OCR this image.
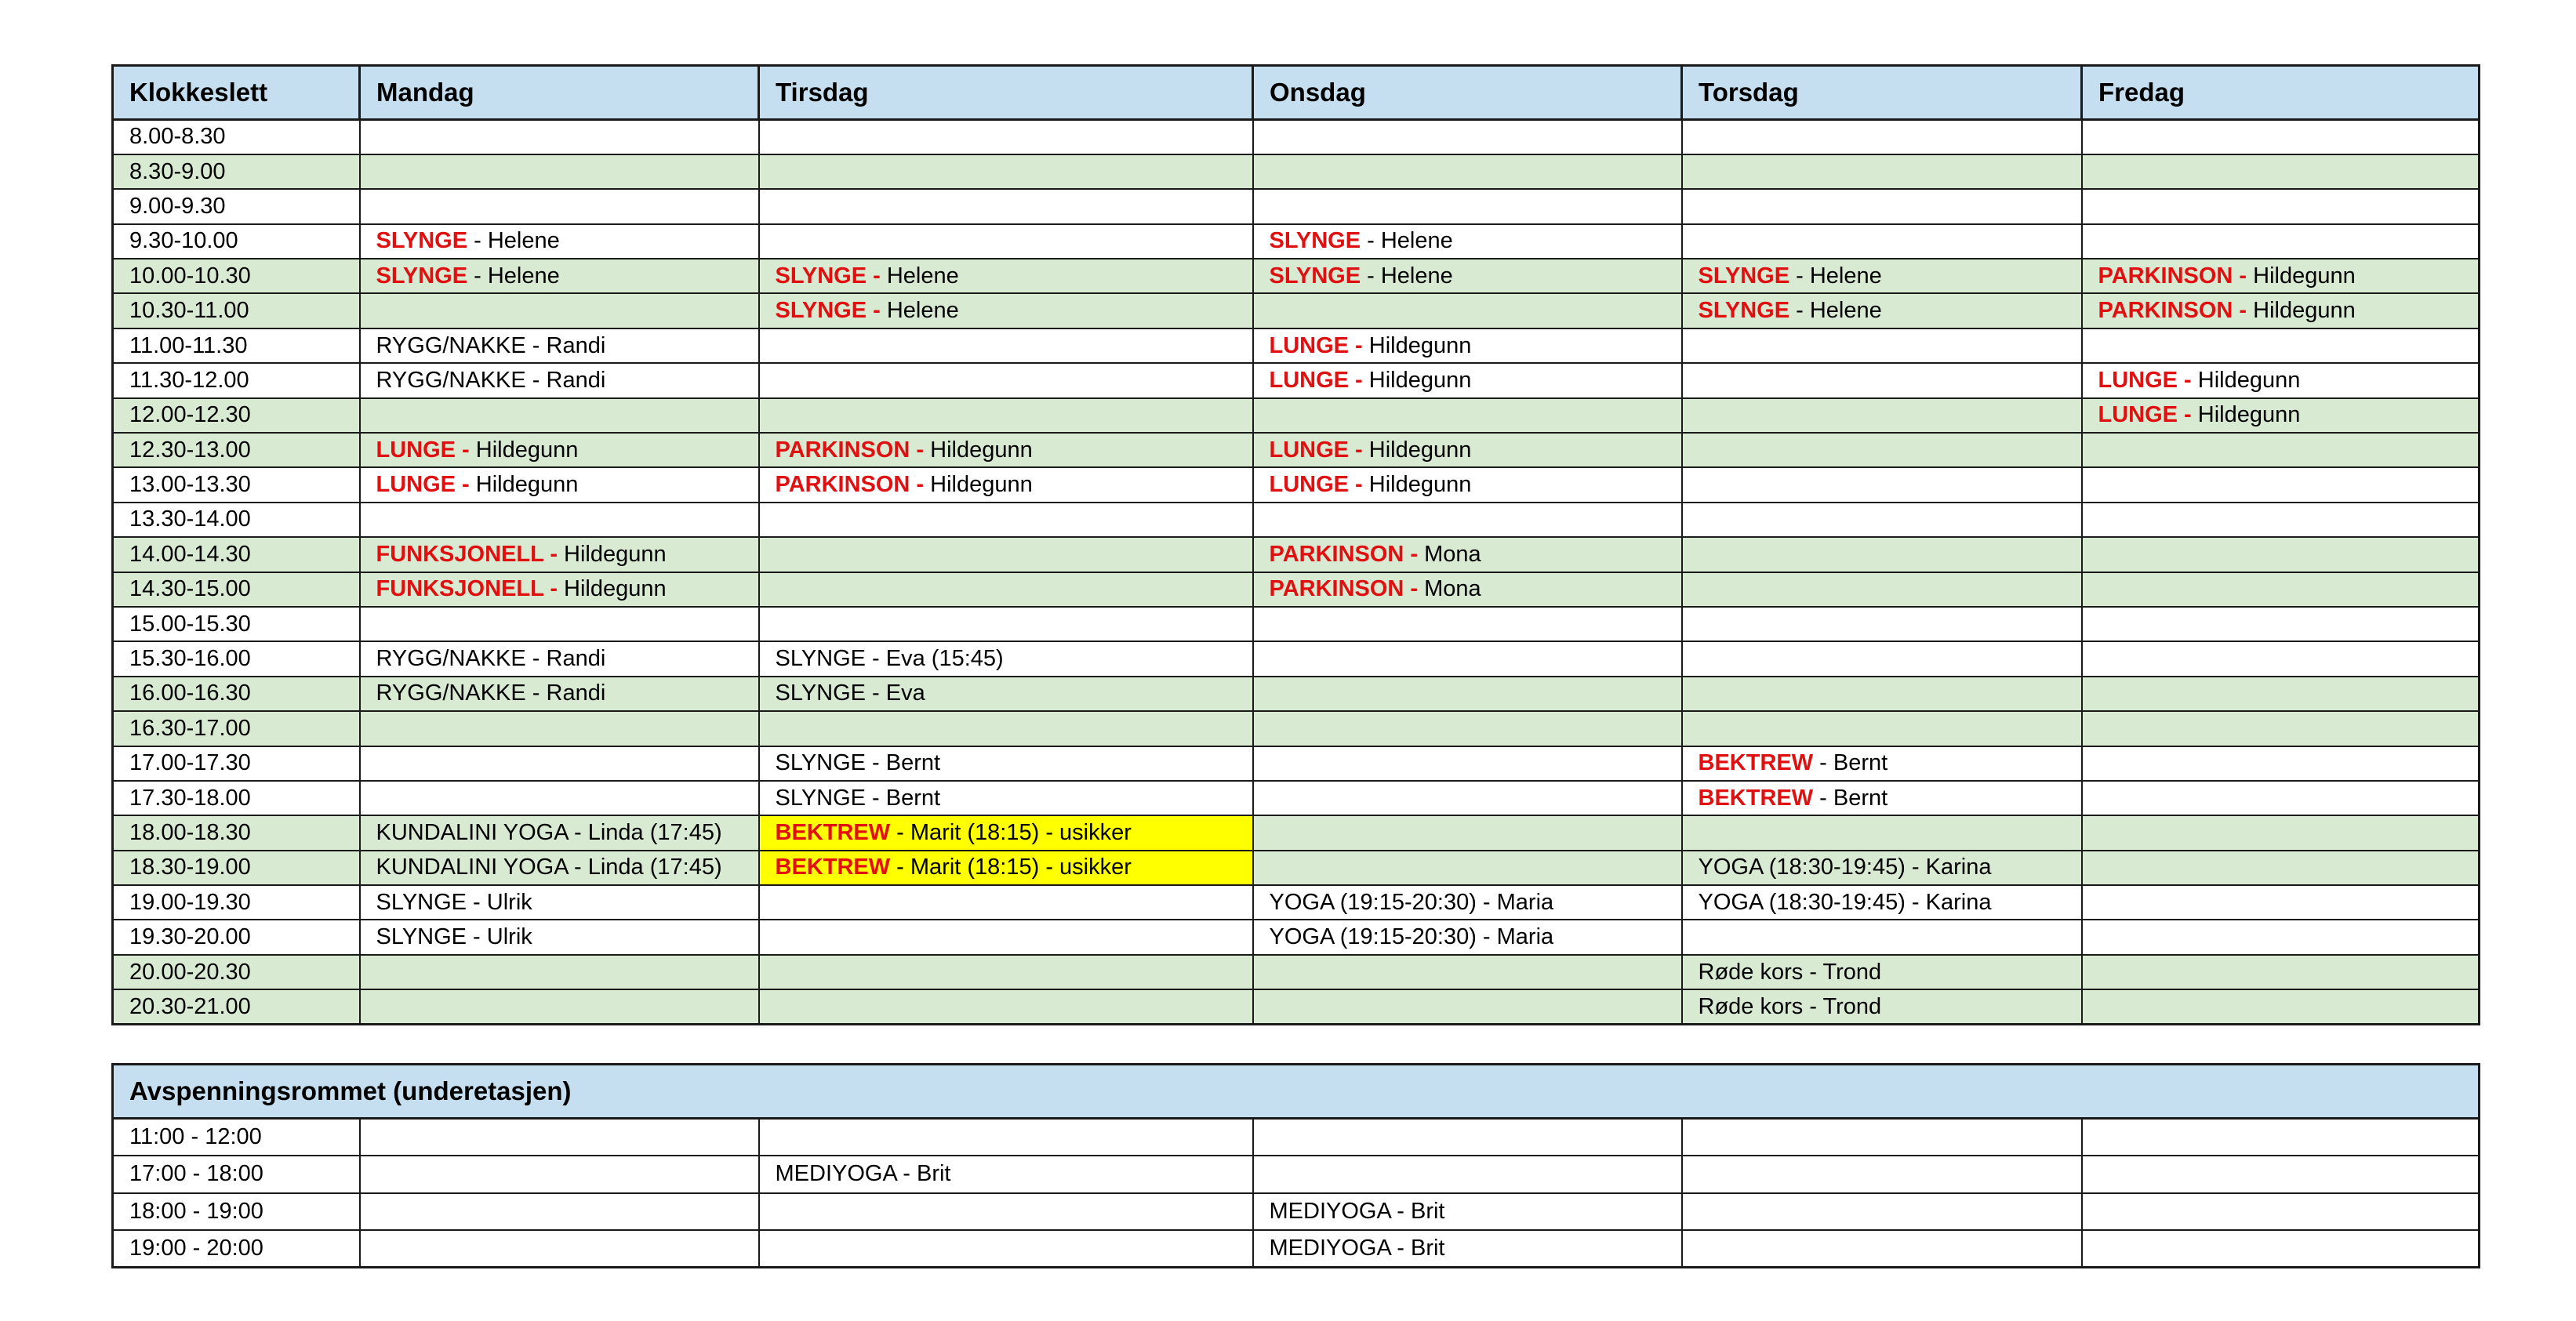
Klokkeslett	Mandag	Tirsdag	Onsdag	Torsdag	Fredag
8.00-8.30					
8.30-9.00					
9.00-9.30					
9.30-10.00	SLYNGE - Helene		SLYNGE - Helene		
10.00-10.30	SLYNGE - Helene	SLYNGE - Helene	SLYNGE - Helene	SLYNGE - Helene	PARKINSON - Hildegunn
10.30-11.00		SLYNGE - Helene		SLYNGE - Helene	PARKINSON - Hildegunn
11.00-11.30	RYGG/NAKKE - Randi		LUNGE - Hildegunn		
11.30-12.00	RYGG/NAKKE - Randi		LUNGE - Hildegunn		LUNGE - Hildegunn
12.00-12.30					LUNGE - Hildegunn
12.30-13.00	LUNGE - Hildegunn	PARKINSON - Hildegunn	LUNGE - Hildegunn		
13.00-13.30	LUNGE - Hildegunn	PARKINSON - Hildegunn	LUNGE - Hildegunn		
13.30-14.00					
14.00-14.30	FUNKSJONELL - Hildegunn		PARKINSON - Mona		
14.30-15.00	FUNKSJONELL - Hildegunn		PARKINSON - Mona		
15.00-15.30					
15.30-16.00	RYGG/NAKKE - Randi	SLYNGE - Eva (15:45)			
16.00-16.30	RYGG/NAKKE - Randi	SLYNGE - Eva			
16.30-17.00					
17.00-17.30		SLYNGE - Bernt		BEKTREW - Bernt	
17.30-18.00		SLYNGE - Bernt		BEKTREW - Bernt	
18.00-18.30	KUNDALINI YOGA - Linda (17:45)	BEKTREW - Marit (18:15) - usikker			
18.30-19.00	KUNDALINI YOGA - Linda (17:45)	BEKTREW - Marit (18:15) - usikker		YOGA (18:30-19:45) - Karina	
19.00-19.30	SLYNGE - Ulrik		YOGA (19:15-20:30) - Maria	YOGA (18:30-19:45) - Karina	
19.30-20.00	SLYNGE - Ulrik		YOGA (19:15-20:30) - Maria		
20.00-20.30				Røde kors - Trond	
20.30-21.00				Røde kors - Trond	
Avspenningsrommet (underetasjen)					
11:00 - 12:00					
17:00 - 18:00		MEDIYOGA - Brit			
18:00 - 19:00			MEDIYOGA - Brit		
19:00 - 20:00			MEDIYOGA - Brit		
